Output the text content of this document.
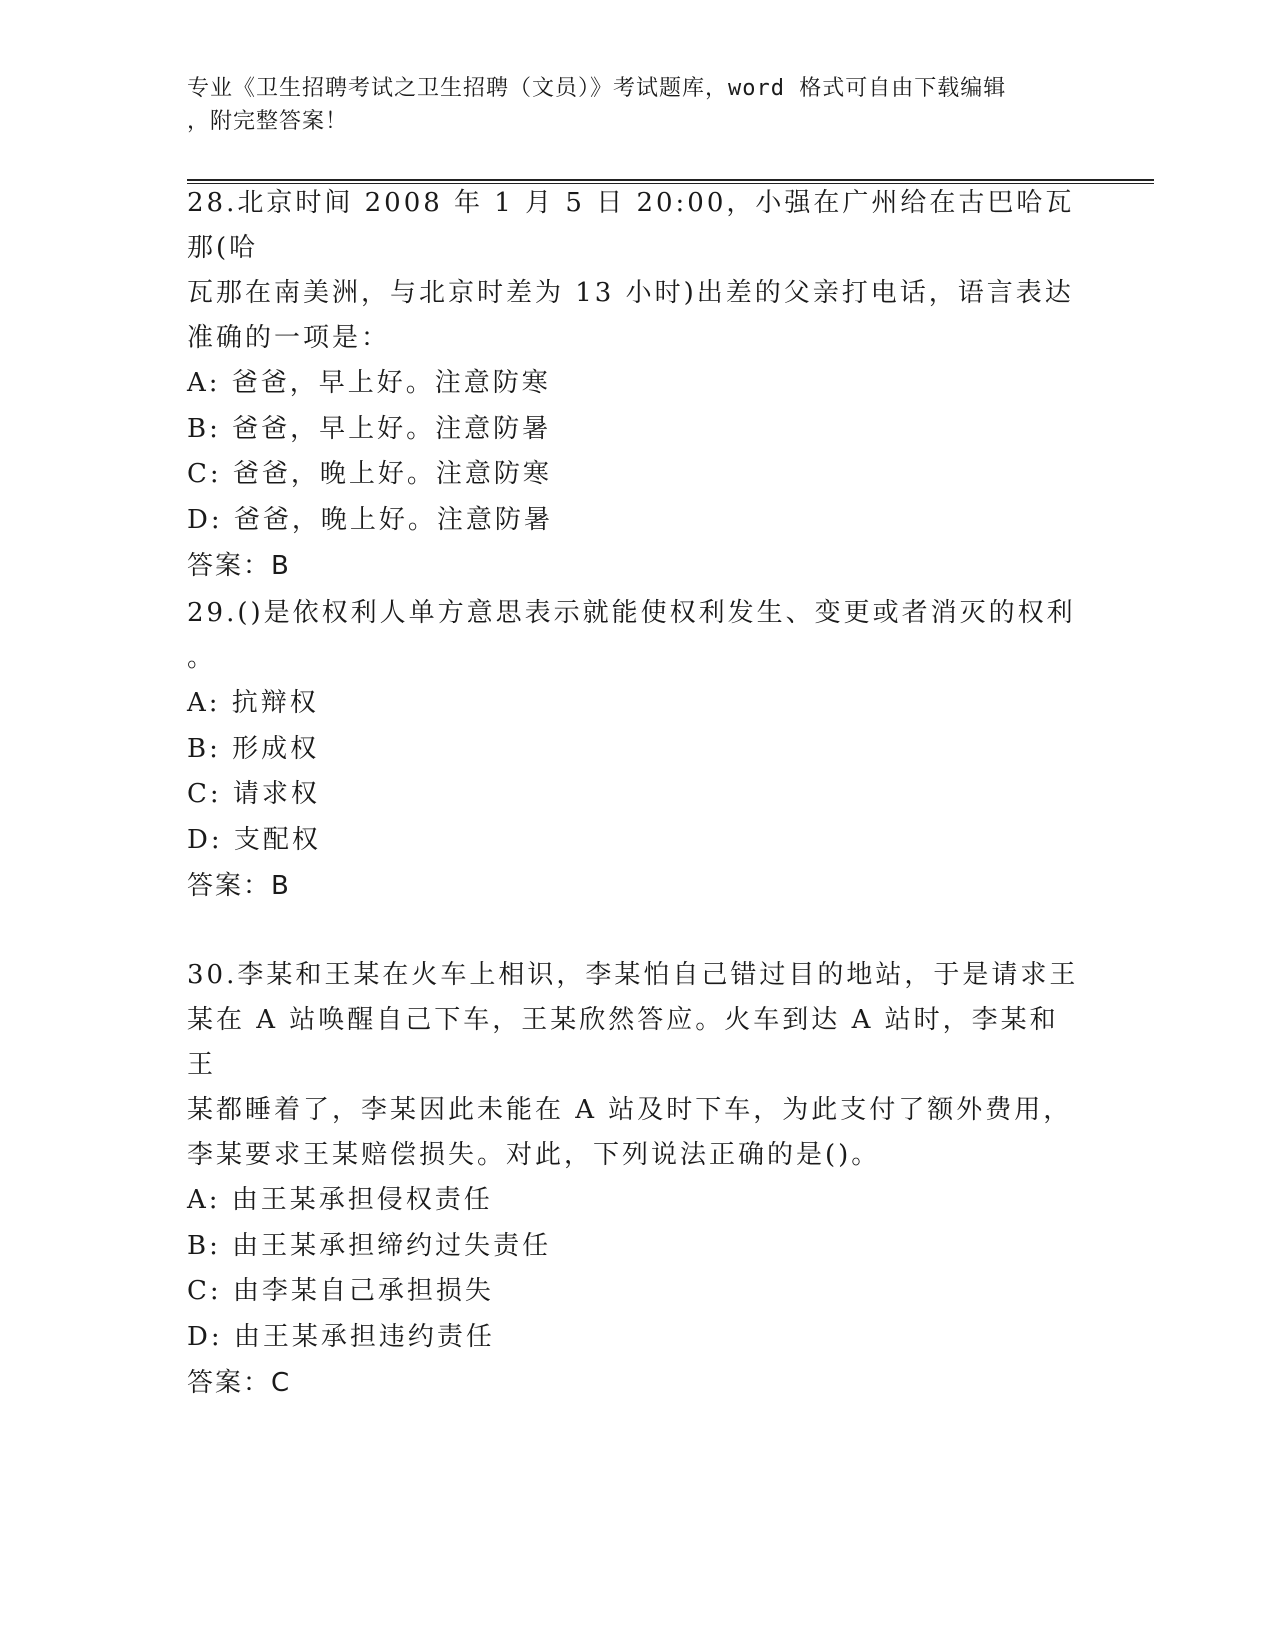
专业《卫生招聘考试之卫生招聘（文员）》考试题库，word 格式可自由下载编辑
，附完整答案！

28.北京时间 2008 年 1 月 5 日 20:00，小强在广州给在古巴哈瓦那(哈

瓦那在南美洲，与北京时差为 13 小时)出差的父亲打电话，语言表达

准确的一项是：

A: 爸爸，早上好。注意防寒

B: 爸爸，早上好。注意防暑

C: 爸爸，晚上好。注意防寒

D: 爸爸，晚上好。注意防暑

答案：B

29.()是依权利人单方意思表示就能使权利发生、变更或者消灭的权利

。

A: 抗辩权

B: 形成权

C: 请求权

D: 支配权

答案：B

30.李某和王某在火车上相识，李某怕自己错过目的地站，于是请求王

某在 A 站唤醒自己下车，王某欣然答应。火车到达 A 站时，李某和王

某都睡着了，李某因此未能在 A 站及时下车，为此支付了额外费用，

李某要求王某赔偿损失。对此，下列说法正确的是()。

A: 由王某承担侵权责任

B: 由王某承担缔约过失责任

C: 由李某自己承担损失

D: 由王某承担违约责任

答案：C
